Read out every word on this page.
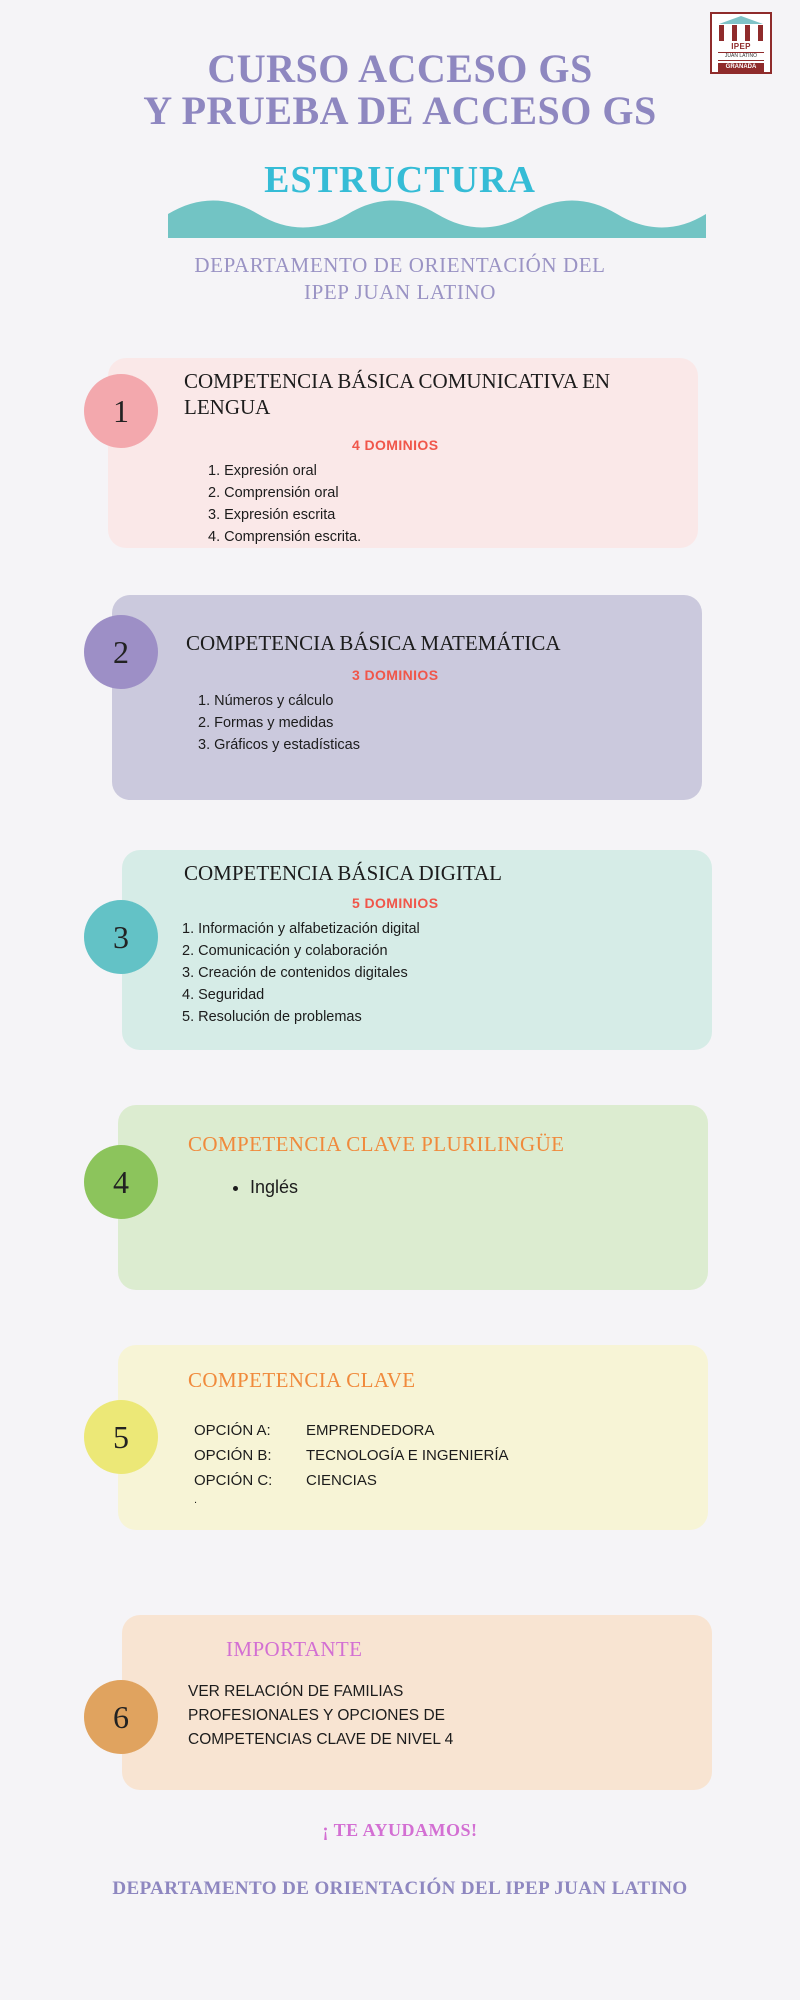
IPEP
JUAN LATINO
GRANADA
CURSO ACCESO GS
Y PRUEBA DE ACCESO GS
ESTRUCTURA
DEPARTAMENTO DE ORIENTACIÓN DEL
IPEP JUAN LATINO
1
COMPETENCIA BÁSICA COMUNICATIVA EN LENGUA
4 DOMINIOS
1. Expresión oral
2. Comprensión oral
3. Expresión escrita
4. Comprensión escrita.
2	COMPETENCIA BÁSICA MATEMÁTICA
3 DOMINIOS
1. Números y cálculo
2. Formas y medidas
3. Gráficos y estadísticas
3
COMPETENCIA BÁSICA DIGITAL
5 DOMINIOS
1. Información y alfabetización digital
2. Comunicación y colaboración
3. Creación de contenidos digitales
4. Seguridad
5. Resolución de problemas
4
COMPETENCIA CLAVE PLURILINGÜE
• Inglés
5
COMPETENCIA CLAVE
OPCIÓN A:	EMPRENDEDORA
OPCIÓN B:	TECNOLOGÍA E INGENIERÍA
OPCIÓN C:	CIENCIAS
.
6
IMPORTANTE
VER RELACIÓN DE FAMILIAS
PROFESIONALES Y OPCIONES DE
COMPETENCIAS CLAVE DE NIVEL 4
¡ TE AYUDAMOS!
DEPARTAMENTO DE ORIENTACIÓN DEL IPEP JUAN LATINO
